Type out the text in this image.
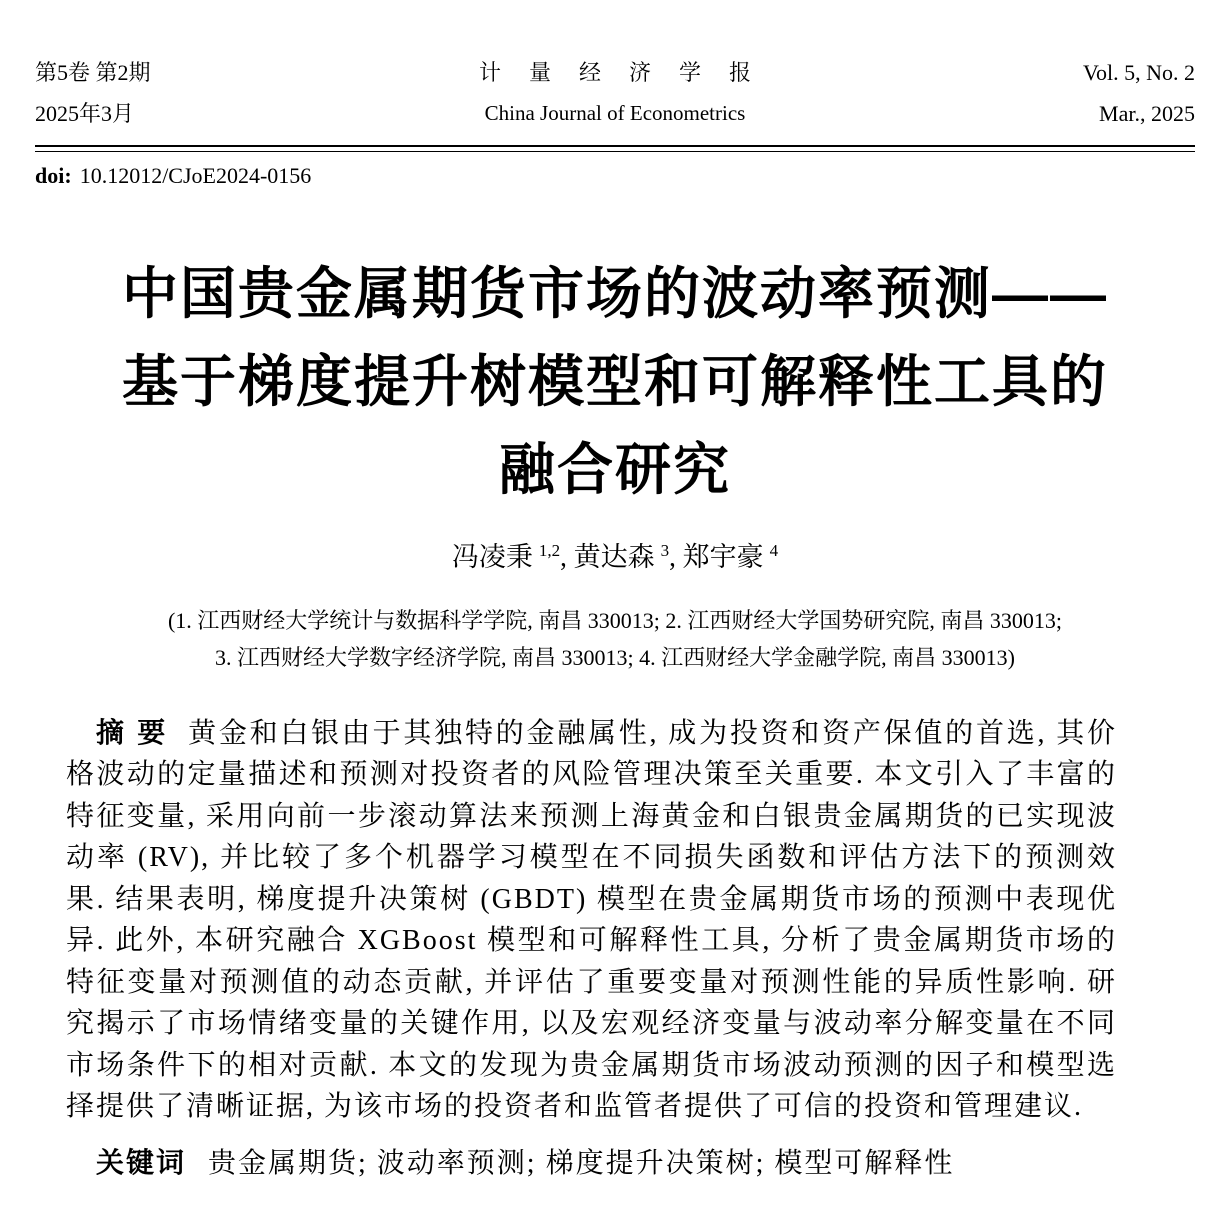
第5卷 第2期
2025年3月
计量经济学报
China Journal of Econometrics
Vol. 5, No. 2
Mar., 2025
doi: 10.12012/CJoE2024-0156
中国贵金属期货市场的波动率预测——
基于梯度提升树模型和可解释性工具的
融合研究
冯凌秉 $^{1,2}$, 黄达森 $^3$, 郑宇豪 $^4$
(1. 江西财经大学统计与数据科学学院, 南昌 330013; 2. 江西财经大学国势研究院, 南昌 330013;
3. 江西财经大学数字经济学院, 南昌 330013; 4. 江西财经大学金融学院, 南昌 330013)

摘 要 黄金和白银由于其独特的金融属性, 成为投资和资产保值的首选, 其价格波动的定量描述和预测对投资者的风险管理决策至关重要. 本文引入了丰富的特征变量, 采用向前一步滚动算法来预测上海黄金和白银贵金属期货的已实现波动率 (RV), 并比较了多个机器学习模型在不同损失函数和评估方法下的预测效果. 结果表明, 梯度提升决策树 (GBDT) 模型在贵金属期货市场的预测中表现优异. 此外, 本研究融合 XGBoost 模型和可解释性工具, 分析了贵金属期货市场的特征变量对预测值的动态贡献, 并评估了重要变量对预测性能的异质性影响. 研究揭示了市场情绪变量的关键作用, 以及宏观经济变量与波动率分解变量在不同市场条件下的相对贡献. 本文的发现为贵金属期货市场波动预测的因子和模型选择提供了清晰证据, 为该市场的投资者和监管者提供了可信的投资和管理建议.

关键词 贵金属期货; 波动率预测; 梯度提升决策树; 模型可解释性
